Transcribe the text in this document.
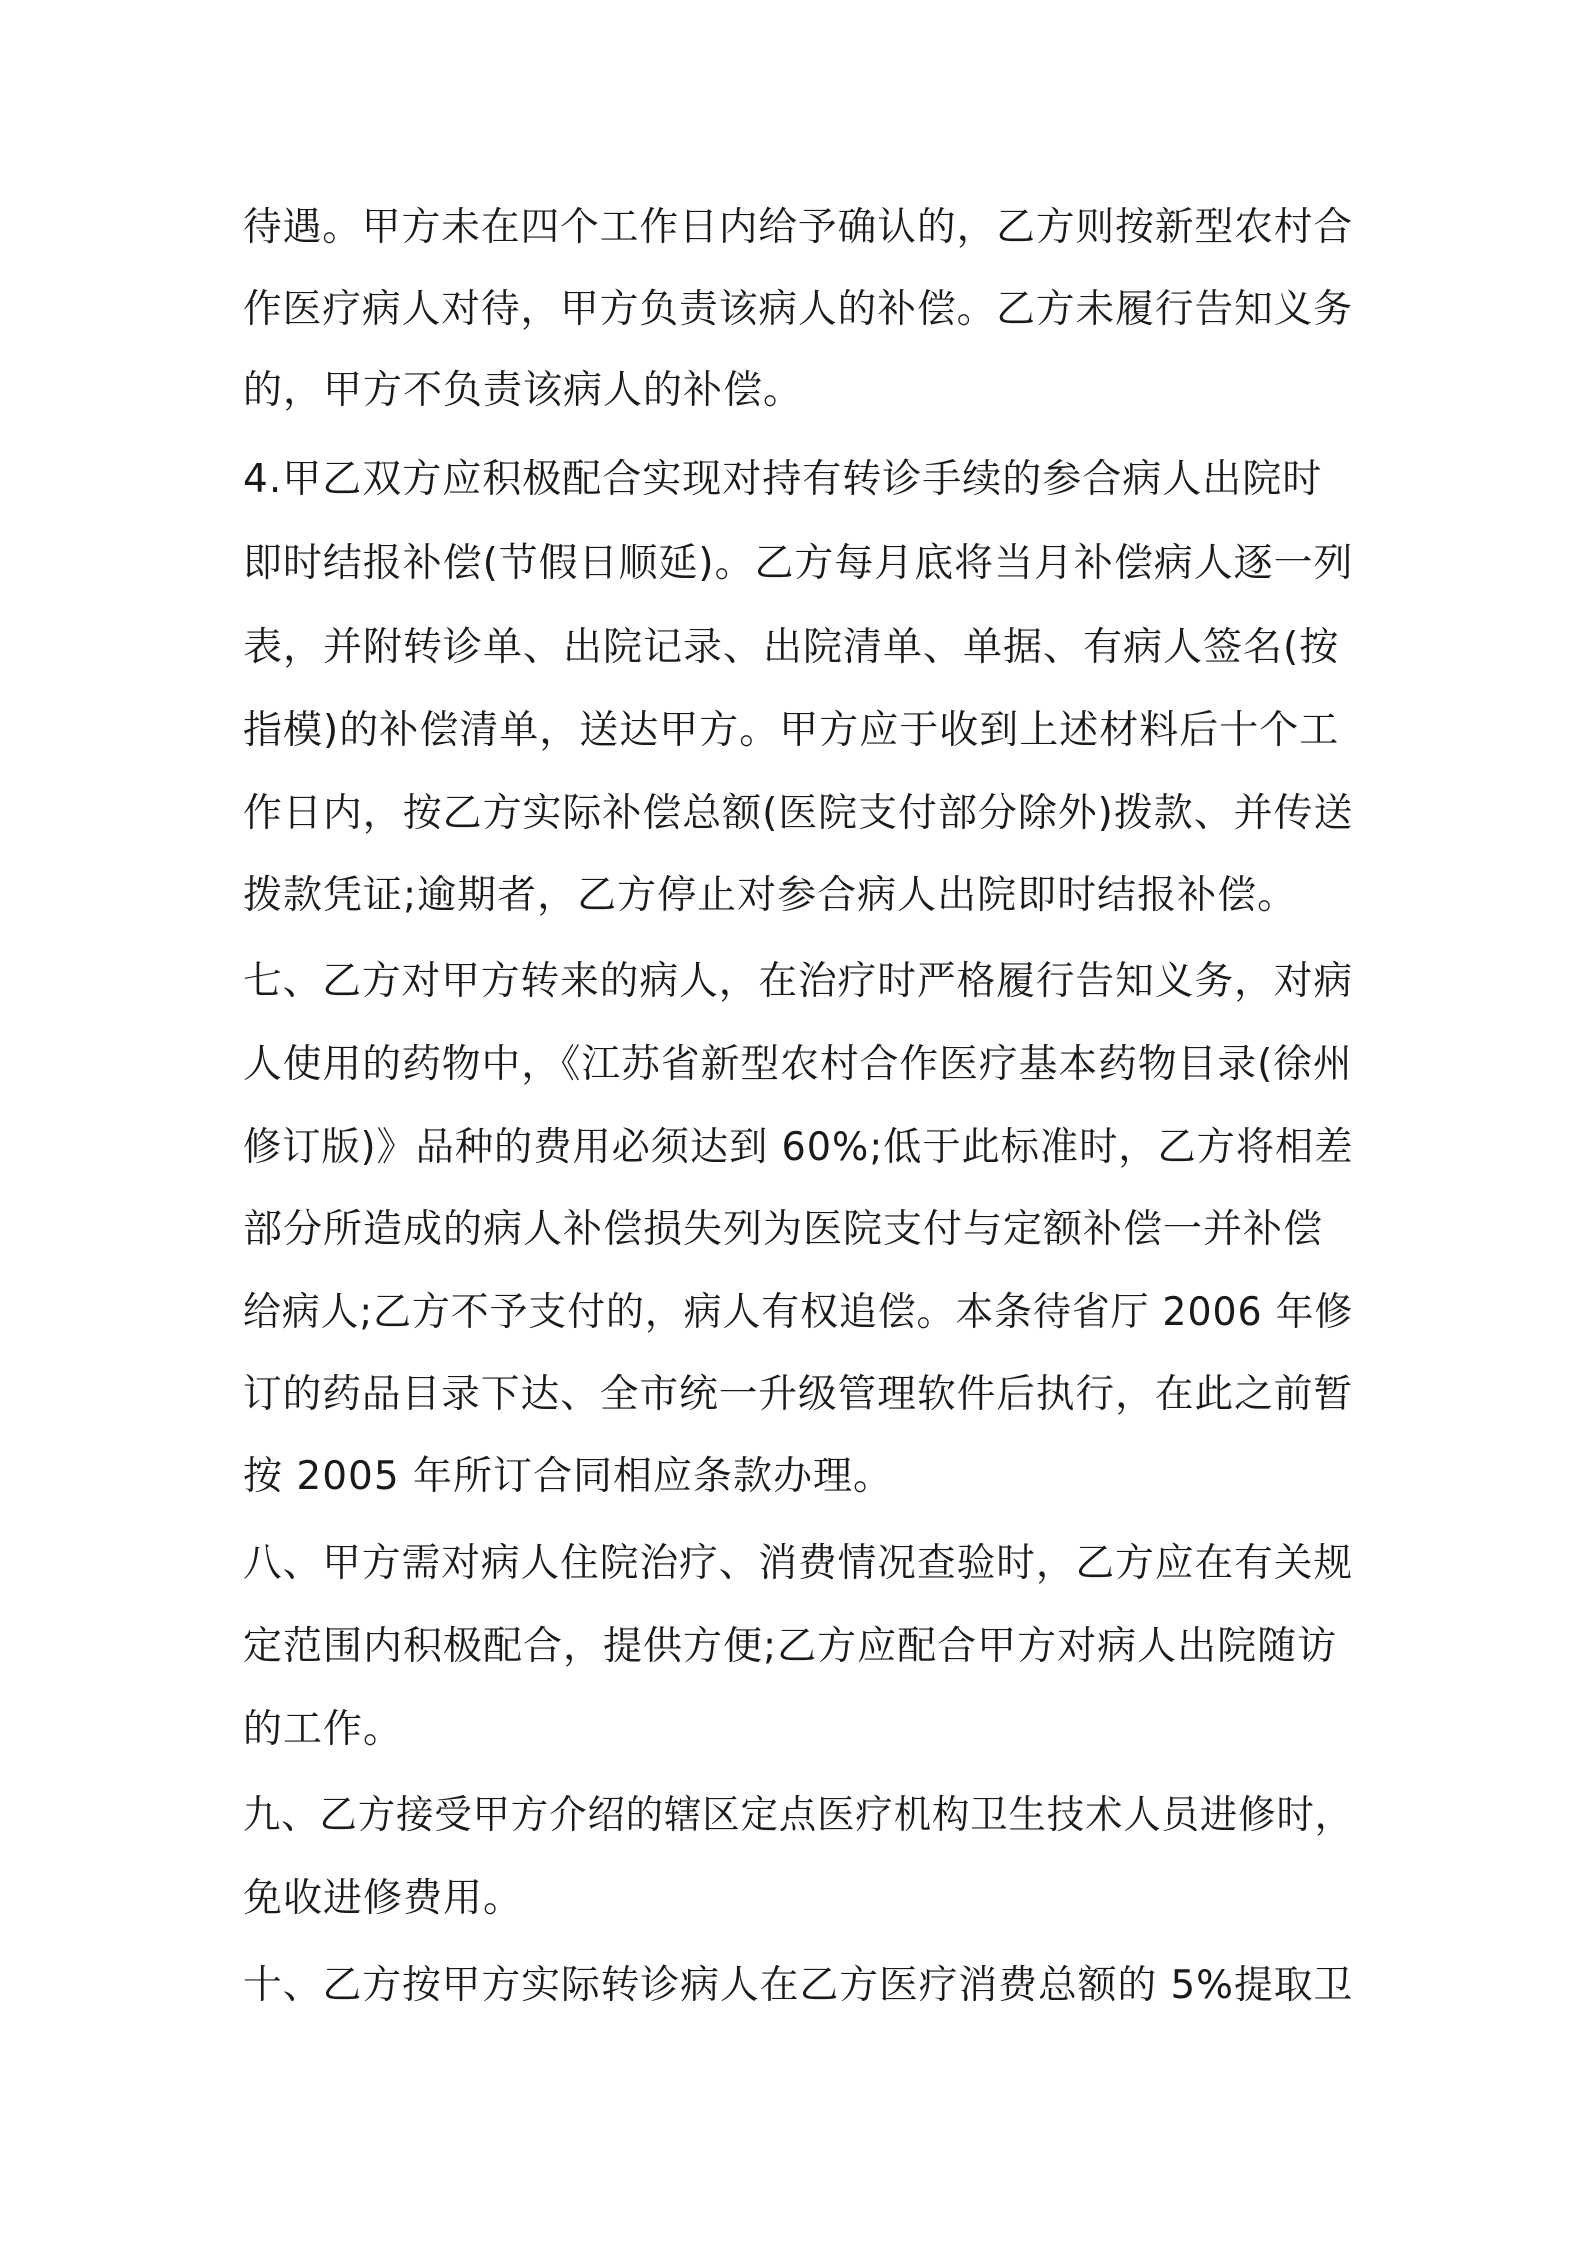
待遇。甲方未在四个工作日内给予确认的，乙方则按新型农村合
作医疗病人对待，甲方负责该病人的补偿。乙方未履行告知义务
的，甲方不负责该病人的补偿。
4.甲乙双方应积极配合实现对持有转诊手续的参合病人出院时
即时结报补偿(节假日顺延)。乙方每月底将当月补偿病人逐一列
表，并附转诊单、出院记录、出院清单、单据、有病人签名(按
指模)的补偿清单，送达甲方。甲方应于收到上述材料后十个工
作日内，按乙方实际补偿总额(医院支付部分除外)拨款、并传送
拨款凭证;逾期者，乙方停止对参合病人出院即时结报补偿。
七、乙方对甲方转来的病人，在治疗时严格履行告知义务，对病
人使用的药物中，《江苏省新型农村合作医疗基本药物目录(徐州
修订版)》品种的费用必须达到 60%;低于此标准时，乙方将相差
部分所造成的病人补偿损失列为医院支付与定额补偿一并补偿
给病人;乙方不予支付的，病人有权追偿。本条待省厅 2006 年修
订的药品目录下达、全市统一升级管理软件后执行，在此之前暂
按 2005 年所订合同相应条款办理。
八、甲方需对病人住院治疗、消费情况查验时，乙方应在有关规
定范围内积极配合，提供方便;乙方应配合甲方对病人出院随访
的工作。
九、乙方接受甲方介绍的辖区定点医疗机构卫生技术人员进修时，
免收进修费用。
十、乙方按甲方实际转诊病人在乙方医疗消费总额的 5%提取卫
